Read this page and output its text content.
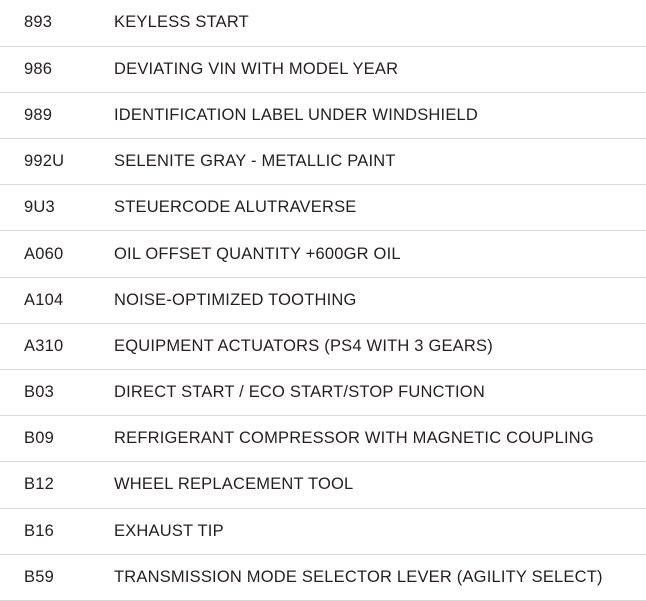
893	KEYLESS START
986	DEVIATING VIN WITH MODEL YEAR
989	IDENTIFICATION LABEL UNDER WINDSHIELD
992U	SELENITE GRAY - METALLIC PAINT
9U3	STEUERCODE ALUTRAVERSE
A060	OIL OFFSET QUANTITY +600GR OIL
A104	NOISE-OPTIMIZED TOOTHING
A310	EQUIPMENT ACTUATORS (PS4 WITH 3 GEARS)
B03	DIRECT START / ECO START/STOP FUNCTION
B09	REFRIGERANT COMPRESSOR WITH MAGNETIC COUPLING
B12	WHEEL REPLACEMENT TOOL
B16	EXHAUST TIP
B59	TRANSMISSION MODE SELECTOR LEVER (AGILITY SELECT)
